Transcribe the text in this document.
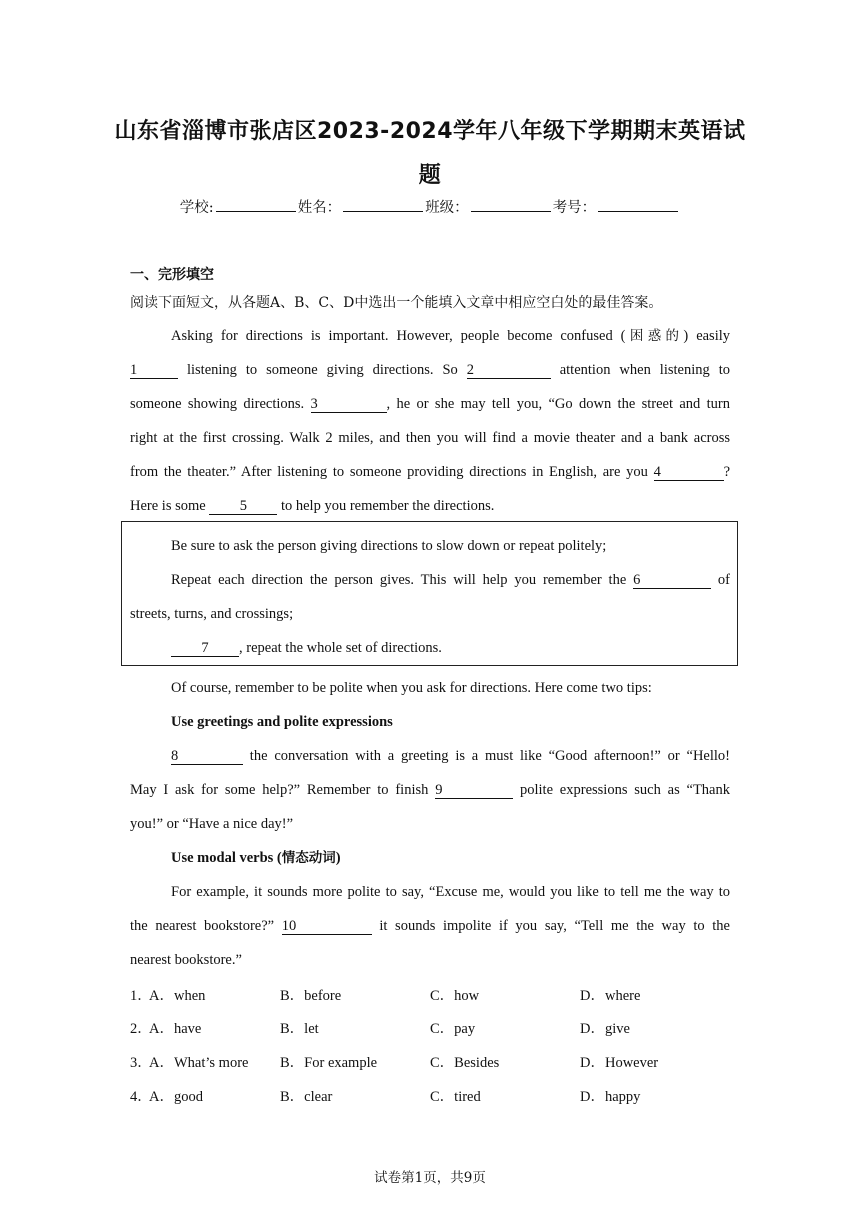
山东省淄博市张店区2023-2024学年八年级下学期期末英语试
题
学校:	姓名：	班级：	考号：
一、完形填空
阅读下面短文，从各题A、B、C、D中选出一个能填入文章中相应空白处的最佳答案。
Asking for directions is important. However, people become confused (困惑的) easily
1	listening to someone giving directions. So 2	attention when listening to
someone showing directions. 3	, he or she may tell you, “Go down the street and turn
right at the first crossing. Walk 2 miles, and then you will find a movie theater and a bank across
from the theater.” After listening to someone providing directions in English, are you 4	?
Here is some 5 to help you remember the directions.
Be sure to ask the person giving directions to slow down or repeat politely;
Repeat each direction the person gives. This will help you remember the 6	of
streets, turns, and crossings;
7 , repeat the whole set of directions.
Of course, remember to be polite when you ask for directions. Here come two tips:
Use greetings and polite expressions
8	the conversation with a greeting is a must like “Good afternoon!” or “Hello!
May I ask for some help?” Remember to finish 9	polite expressions such as “Thank
you!” or “Have a nice day!”
Use modal verbs (情态动词)
For example, it sounds more polite to say, “Excuse me, would you like to tell me the way to
the nearest bookstore?” 10	it sounds impolite if you say, “Tell me the way to the
nearest bookstore.”
1．
A．when	B．before	C．how	D．where
2．
A．have	B．let	C．pay	D．give
3．
A．What’s more B．For example	C．Besides	D．However
4．
A．good	B．clear	C．tired	D．happy
试卷第1页，共9页
